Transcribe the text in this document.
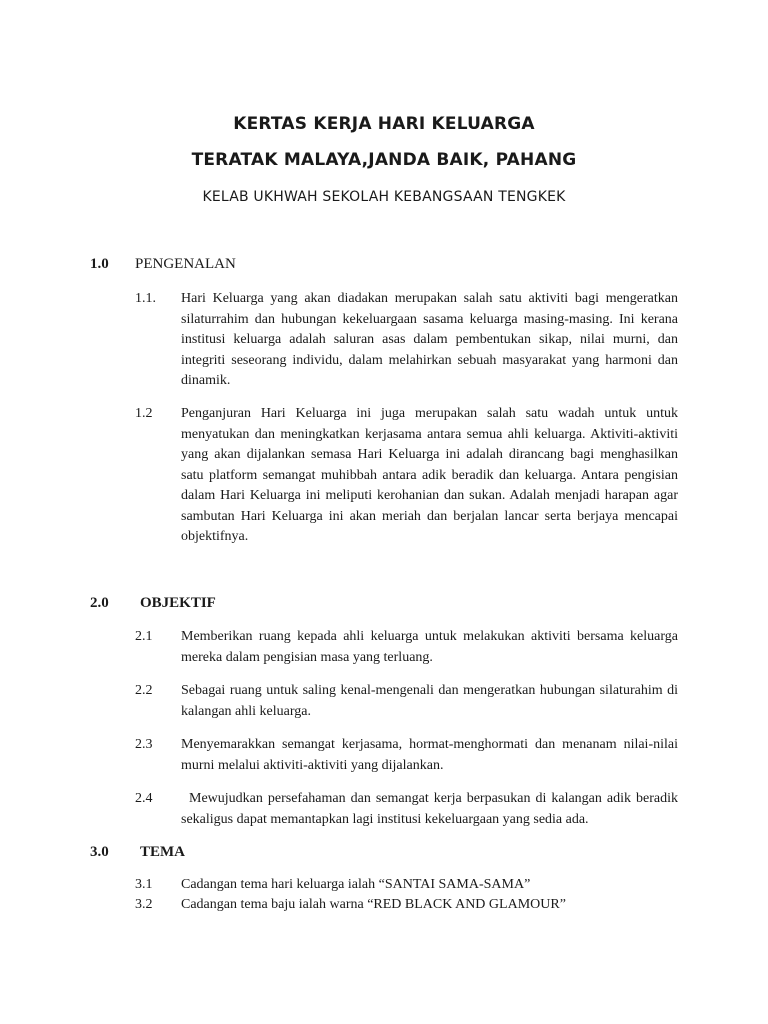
KERTAS KERJA HARI KELUARGA
TERATAK MALAYA,JANDA BAIK, PAHANG
KELAB UKHWAH SEKOLAH KEBANGSAAN TENGKEK
1.0 PENGENALAN
1.1. Hari Keluarga yang akan diadakan merupakan salah satu aktiviti bagi mengeratkan silaturrahim dan hubungan kekeluargaan sasama keluarga masing-masing. Ini kerana institusi keluarga adalah saluran asas dalam pembentukan sikap, nilai murni, dan integriti seseorang individu, dalam melahirkan sebuah masyarakat yang harmoni dan dinamik.
1.2 Penganjuran Hari Keluarga ini juga merupakan salah satu wadah untuk untuk menyatukan dan meningkatkan kerjasama antara semua ahli keluarga. Aktiviti-aktiviti yang akan dijalankan semasa Hari Keluarga ini adalah dirancang bagi menghasilkan satu platform semangat muhibbah antara adik beradik dan keluarga. Antara pengisian dalam Hari Keluarga ini meliputi kerohanian dan sukan. Adalah menjadi harapan agar sambutan Hari Keluarga ini akan meriah dan berjalan lancar serta berjaya mencapai objektifnya.
2.0 OBJEKTIF
2.1 Memberikan ruang kepada ahli keluarga untuk melakukan aktiviti bersama keluarga mereka dalam pengisian masa yang terluang.
2.2 Sebagai ruang untuk saling kenal-mengenali dan mengeratkan hubungan silaturahim di kalangan ahli keluarga.
2.3 Menyemarakkan semangat kerjasama, hormat-menghormati dan menanam nilai-nilai murni melalui aktiviti-aktiviti yang dijalankan.
2.4	Mewujudkan persefahaman dan semangat kerja berpasukan di kalangan adik beradik sekaligus dapat memantapkan lagi institusi kekeluargaan yang sedia ada.
3.0 TEMA
3.1 Cadangan tema hari keluarga ialah “SANTAI SAMA-SAMA”
3.2 Cadangan tema baju ialah warna “RED BLACK AND GLAMOUR”
